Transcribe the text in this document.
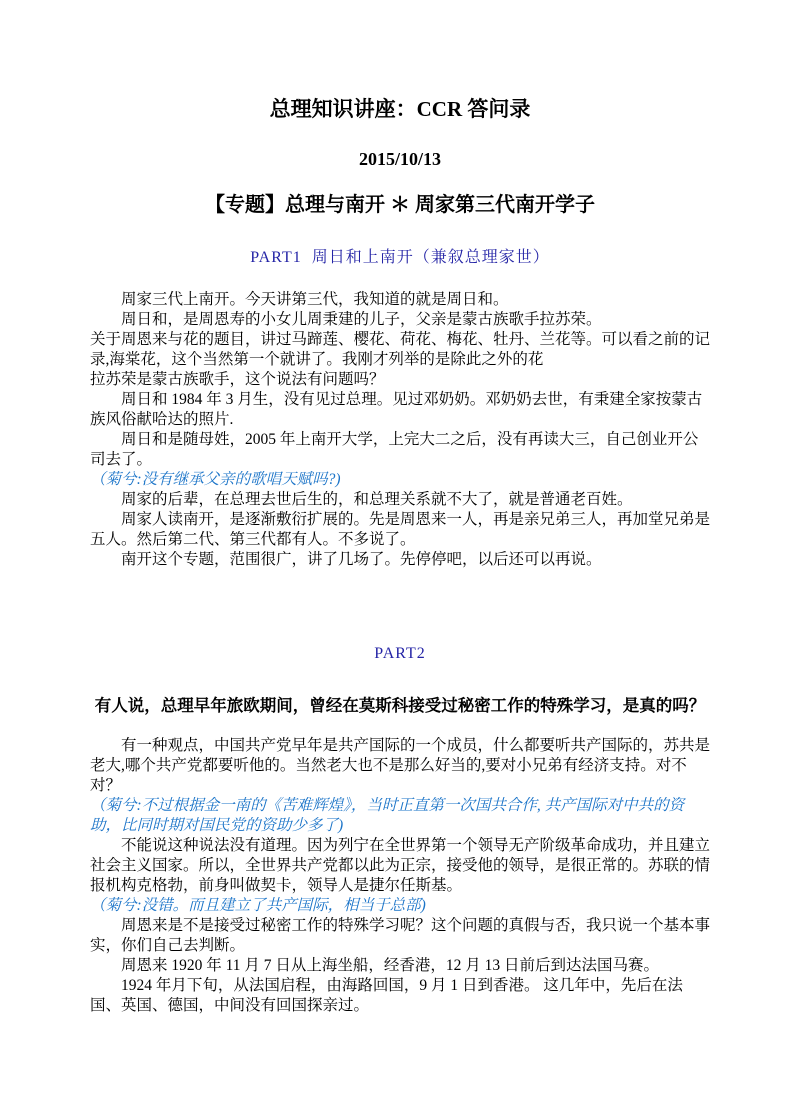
总理知识讲座：CCR 答问录

2015/10/13

【专题】总理与南开 ＊ 周家第三代南开学子
PART1  周日和上南开（兼叙总理家世）

周家三代上南开。今天讲第三代，我知道的就是周日和。

周日和，是周恩寿的小女儿周秉建的儿子，父亲是蒙古族歌手拉苏荣。

关于周恩来与花的题目，讲过马蹄莲、樱花、荷花、梅花、牡丹、兰花等。可以看之前的记录,海棠花，这个当然第一个就讲了。我刚才列举的是除此之外的花

拉苏荣是蒙古族歌手，这个说法有问题吗？

周日和 1984 年 3 月生，没有见过总理。见过邓奶奶。邓奶奶去世，有秉建全家按蒙古族风俗献哈达的照片.

周日和是随母姓，2005 年上南开大学，上完大二之后，没有再读大三，自己创业开公司去了。

（菊兮:没有继承父亲的歌唱天赋吗?)

周家的后辈，在总理去世后生的，和总理关系就不大了，就是普通老百姓。

周家人读南开，是逐渐敷衍扩展的。先是周恩来一人，再是亲兄弟三人，再加堂兄弟是五人。然后第二代、第三代都有人。不多说了。

南开这个专题，范围很广，讲了几场了。先停停吧，以后还可以再说。

PART2
有人说，总理早年旅欧期间，曾经在莫斯科接受过秘密工作的特殊学习，是真的吗？

有一种观点，中国共产党早年是共产国际的一个成员，什么都要听共产国际的，苏共是老大,哪个共产党都要听他的。当然老大也不是那么好当的,要对小兄弟有经济支持。对不对？

（菊兮:不过根据金一南的《苦难辉煌》，当时正直第一次国共合作, 共产国际对中共的资助，比同时期对国民党的资助少多了)

不能说这种说法没有道理。因为列宁在全世界第一个领导无产阶级革命成功，并且建立社会主义国家。所以，全世界共产党都以此为正宗，接受他的领导，是很正常的。苏联的情报机构克格勃，前身叫做契卡，领导人是捷尔任斯基。

（菊兮:没错。而且建立了共产国际，相当于总部)

周恩来是不是接受过秘密工作的特殊学习呢？这个问题的真假与否，我只说一个基本事实，你们自己去判断。

周恩来 1920 年 11 月 7 日从上海坐船，经香港，12 月 13 日前后到达法国马赛。

1924 年月下旬，从法国启程，由海路回国，9 月 1 日到香港。 这几年中，先后在法国、英国、德国，中间没有回国探亲过。
